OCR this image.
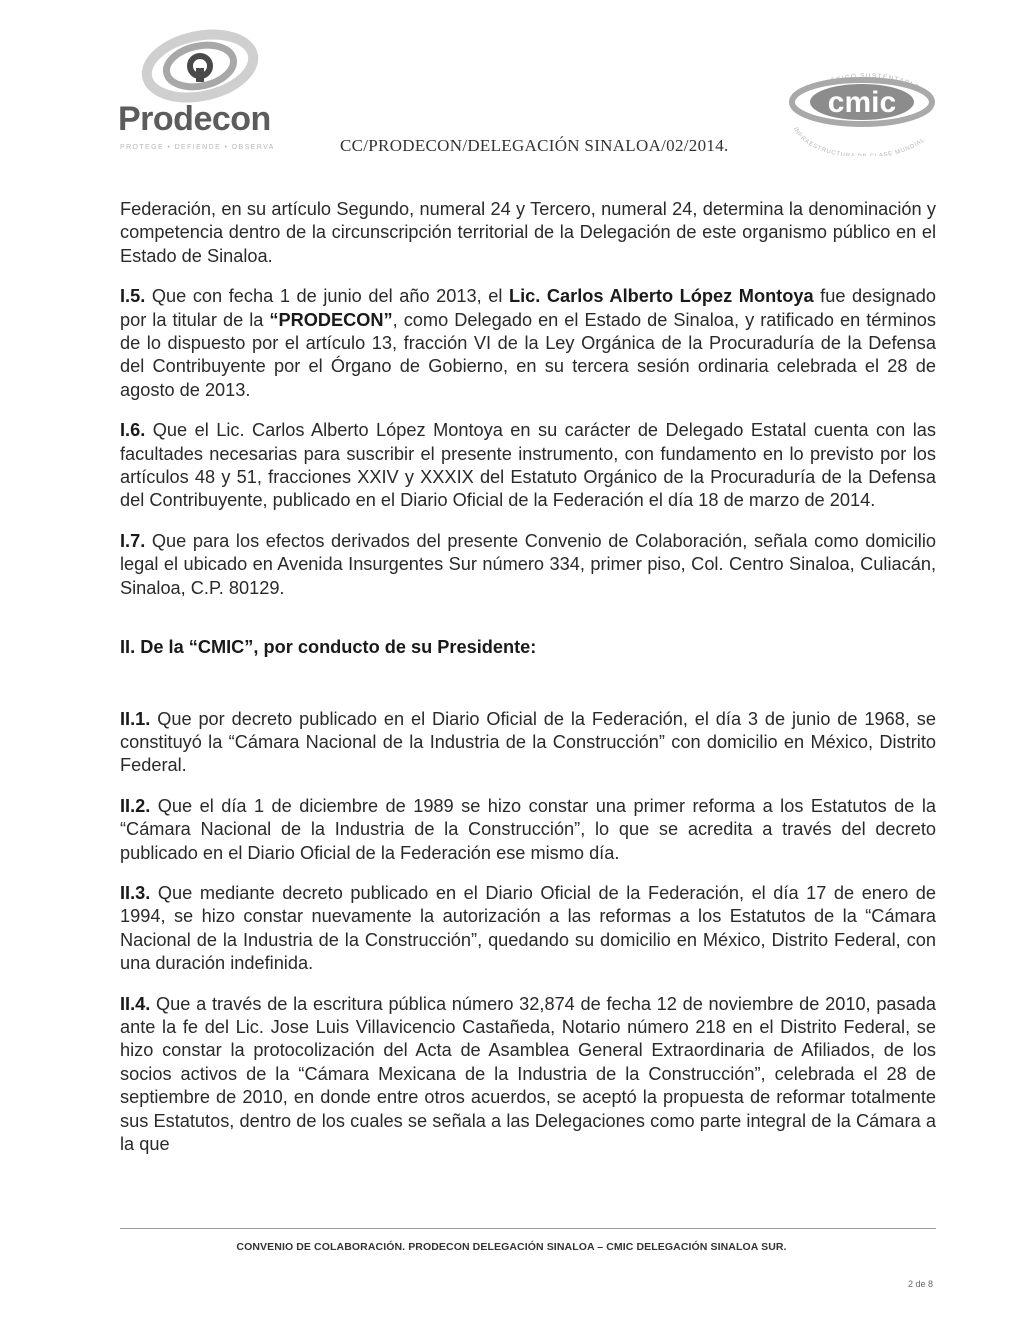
Prodecon
PROTEGE • DEFIENDE • OBSERVA	CC/PRODECON/DELEGACIÓN SINALOA/02/2014.
MÉXICO SUSTENTABLE
cmic
INFRAESTRUCTU ASE MUNDIAL

Federación, en su artículo Segundo, numeral 24 y Tercero, numeral 24, determina la denominación y competencia dentro de la circunscripción territorial de la Delegación de este organismo público en el Estado de Sinaloa.

I.5. Que con fecha 1 de junio del año 2013, el Lic. Carlos Alberto López Montoya fue designado por la titular de la “PRODECON”, como Delegado en el Estado de Sinaloa, y ratificado en términos de lo dispuesto por el artículo 13, fracción VI de la Ley Orgánica de la Procuraduría de la Defensa del Contribuyente por el Órgano de Gobierno, en su tercera sesión ordinaria celebrada el 28 de agosto de 2013.

I.6. Que el Lic. Carlos Alberto López Montoya en su carácter de Delegado Estatal cuenta con las facultades necesarias para suscribir el presente instrumento, con fundamento en lo previsto por los artículos 48 y 51, fracciones XXIV y XXXIX del Estatuto Orgánico de la Procuraduría de la Defensa del Contribuyente, publicado en el Diario Oficial de la Federación el día 18 de marzo de 2014.

I.7. Que para los efectos derivados del presente Convenio de Colaboración, señala como domicilio legal el ubicado en Avenida Insurgentes Sur número 334, primer piso, Col. Centro Sinaloa, Culiacán, Sinaloa, C.P. 80129.

II. De la “CMIC”, por conducto de su Presidente:

II.1. Que por decreto publicado en el Diario Oficial de la Federación, el día 3 de junio de 1968, se constituyó la “Cámara Nacional de la Industria de la Construcción” con domicilio en México, Distrito Federal.

II.2. Que el día 1 de diciembre de 1989 se hizo constar una primer reforma a los Estatutos de la “Cámara Nacional de la Industria de la Construcción”, lo que se acredita a través del decreto publicado en el Diario Oficial de la Federación ese mismo día.

II.3. Que mediante decreto publicado en el Diario Oficial de la Federación, el día 17 de enero de 1994, se hizo constar nuevamente la autorización a las reformas a los Estatutos de la “Cámara Nacional de la Industria de la Construcción”, quedando su domicilio en México, Distrito Federal, con una duración indefinida.

II.4. Que a través de la escritura pública número 32,874 de fecha 12 de noviembre de 2010, pasada ante la fe del Lic. Jose Luis Villavicencio Castañeda, Notario número 218 en el Distrito Federal, se hizo constar la protocolización del Acta de Asamblea General Extraordinaria de Afiliados, de los socios activos de la “Cámara Mexicana de la Industria de la Construcción”, celebrada el 28 de septiembre de 2010, en donde entre otros acuerdos, se aceptó la propuesta de reformar totalmente sus Estatutos, dentro de los cuales se señala a las Delegaciones como parte integral de la Cámara a la que

CONVENIO DE COLABORACIÓN. PRODECON DELEGACIÓN SINALOA – CMIC DELEGACIÓN SINALOA SUR.
2 de 8
